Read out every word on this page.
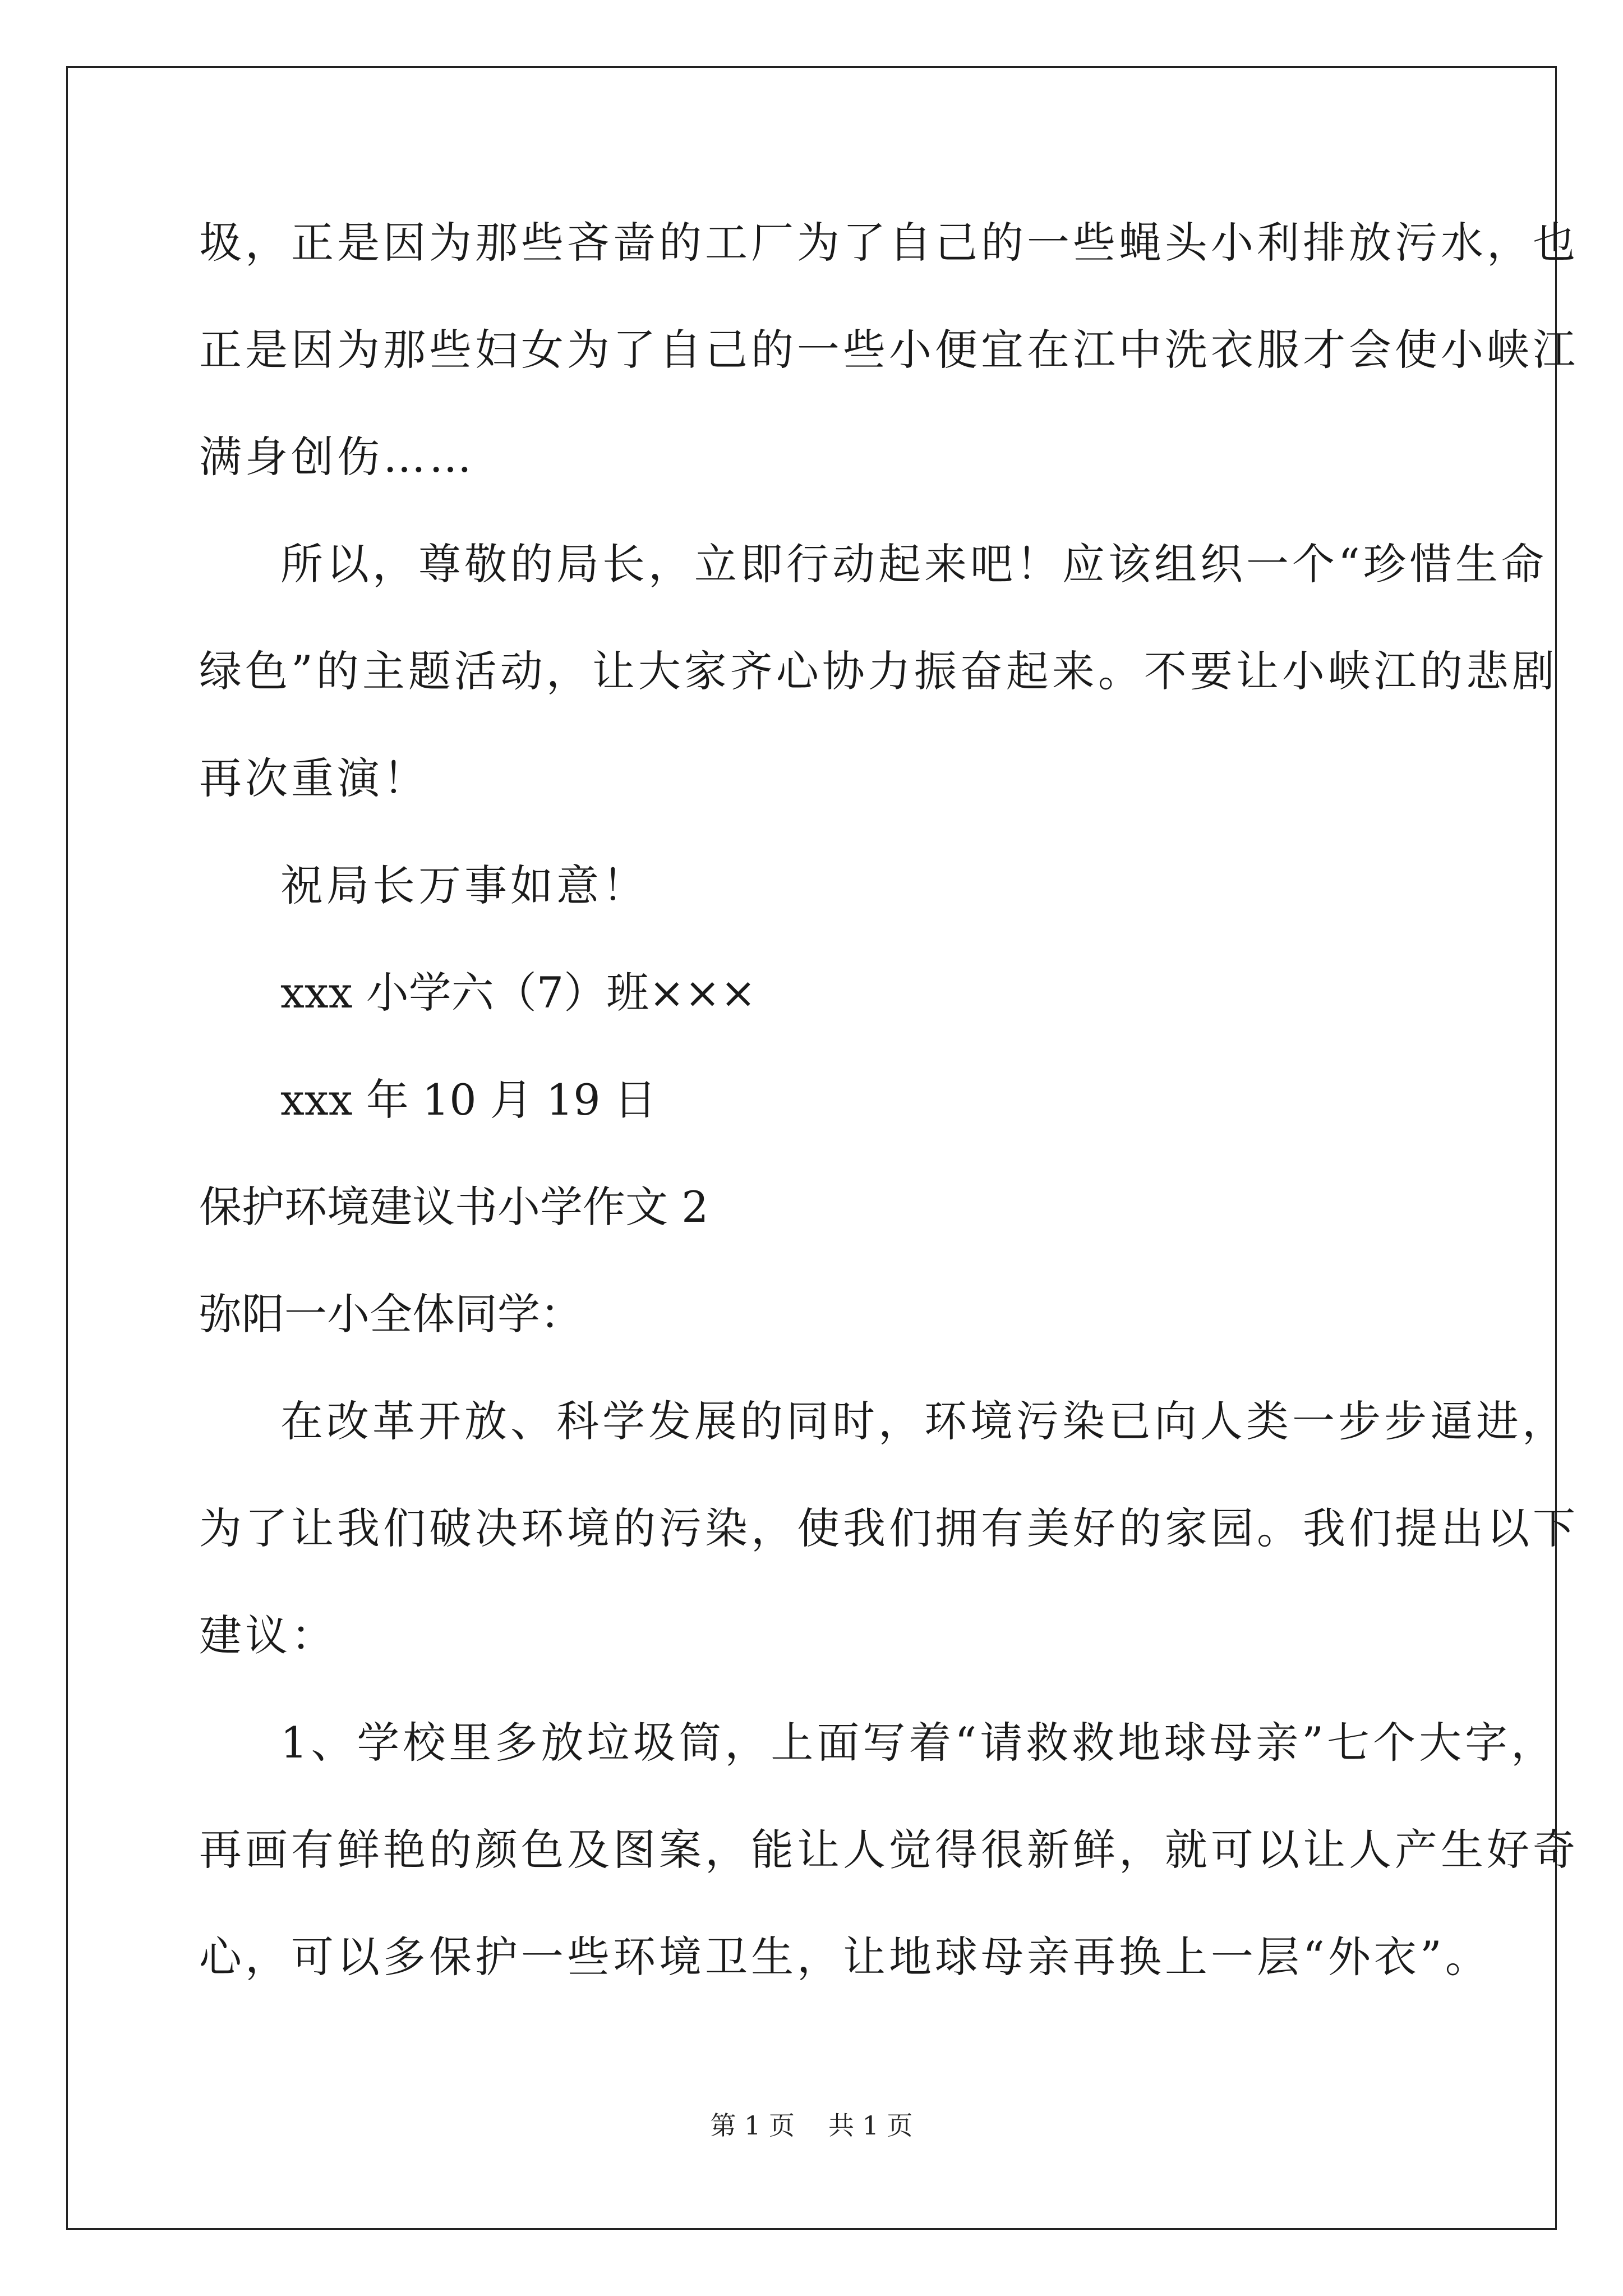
圾，正是因为那些吝啬的工厂为了自己的一些蝇头小利排放污水，也
正是因为那些妇女为了自己的一些小便宜在江中洗衣服才会使小峡江
满身创伤……
所以，尊敬的局长，立即行动起来吧！应该组织一个“珍惜生命
绿色”的主题活动，让大家齐心协力振奋起来。不要让小峡江的悲剧
再次重演！
祝局长万事如意！
xxx 小学六（7）班×××
xxx 年 10 月 19 日
保护环境建议书小学作文 2
弥阳一小全体同学：
在改革开放、科学发展的同时，环境污染已向人类一步步逼进，
为了让我们破决环境的污染，使我们拥有美好的家园。我们提出以下
建议：
1、学校里多放垃圾筒，上面写着“请救救地球母亲”七个大字，
再画有鲜艳的颜色及图案，能让人觉得很新鲜，就可以让人产生好奇
心，可以多保护一些环境卫生，让地球母亲再换上一层“外衣”。
第 1 页 共 1 页
